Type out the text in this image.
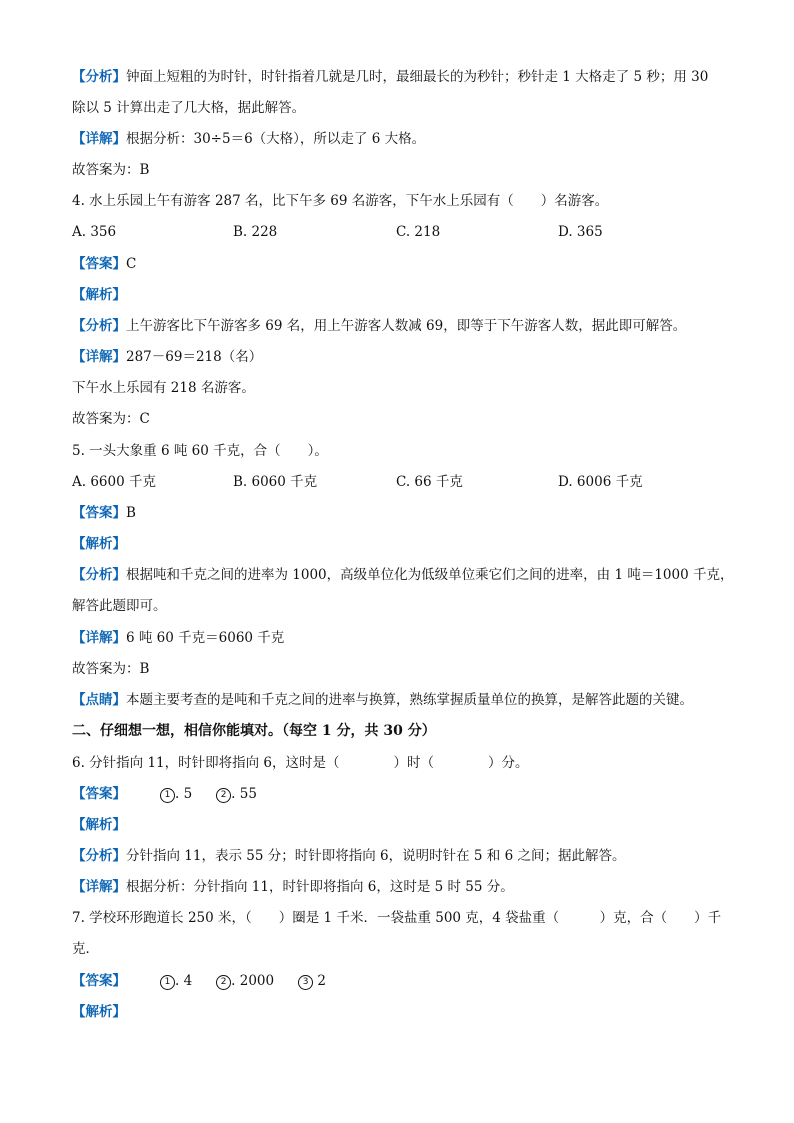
【分析】钟面上短粗的为时针，时针指着几就是几时，最细最长的为秒针；秒针走 1 大格走了 5 秒；用 30
除以 5 计算出走了几大格，据此解答。
【详解】根据分析：30÷5＝6（大格），所以走了 6 大格。
故答案为：B
4. 水上乐园上午有游客 287 名，比下午多 69 名游客，下午水上乐园有（　　）名游客。
A. 356	B. 228	C. 218	D. 365
【答案】C
【解析】
【分析】上午游客比下午游客多 69 名，用上午游客人数减 69，即等于下午游客人数，据此即可解答。
【详解】287－69＝218（名）
下午水上乐园有 218 名游客。
故答案为：C
5. 一头大象重 6 吨 60 千克，合（　　）。
A. 6600 千克	B. 6060 千克	C. 66 千克	D. 6006 千克
【答案】B
【解析】
【分析】根据吨和千克之间的进率为 1000，高级单位化为低级单位乘它们之间的进率，由 1 吨＝1000 千克，
解答此题即可。
【详解】6 吨 60 千克＝6060 千克
故答案为：B
【点睛】本题主要考查的是吨和千克之间的进率与换算，熟练掌握质量单位的换算，是解答此题的关键。
二、仔细想一想，相信你能填对。（每空 1 分，共 30 分）
6. 分针指向 11，时针即将指向 6，这时是（　　　　）时（　　　　）分。
【答案】	1 . 5	2 . 55
【解析】
【分析】分针指向 11，表示 55 分；时针即将指向 6，说明时针在 5 和 6 之间；据此解答。
【详解】根据分析：分针指向 11，时针即将指向 6，这时是 5 时 55 分。
7. 学校环形跑道长 250 米，（　　）圈是 1 千米．一袋盐重 500 克，4 袋盐重（　　　）克，合（　　）千
克．
【答案】	1 . 4	2 . 2000	3 2
【解析】
